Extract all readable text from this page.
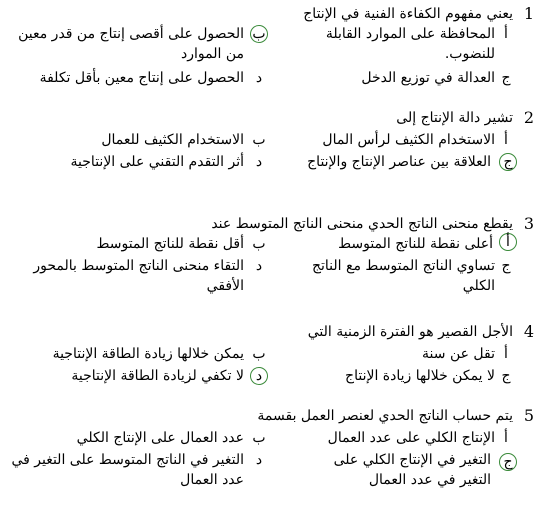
1
يعني مفهوم الكفاءة الفنية في الإنتاج
أ
المحافظة على الموارد القابلة للنضوب.
ب
الحصول على أقصى إنتاج من قدر معين من الموارد
ج
العدالة في توزيع الدخل
د
الحصول على إنتاج معين بأقل تكلفة
2
تشير دالة الإنتاج إلى
أ
الاستخدام الكثيف لرأس المال
ب
الاستخدام الكثيف للعمال
ج
العلاقة بين عناصر الإنتاج والإنتاج
د
أثر التقدم التقني على الإنتاجية
3
يقطع منحنى الناتج الحدي منحنى الناتج المتوسط عند
أ
أعلى نقطة للناتج المتوسط
ب
أقل نقطة للناتج المتوسط
ج
تساوي الناتج المتوسط مع الناتج الكلي
د
التقاء منحنى الناتج المتوسط بالمحور الأفقي
4
الأجل القصير هو الفترة الزمنية التي
أ
تقل عن سنة
ب
يمكن خلالها زيادة الطاقة الإنتاجية
ج
لا يمكن خلالها زيادة الإنتاج
د
لا تكفي لزيادة الطاقة الإنتاجية
5
يتم حساب الناتج الحدي لعنصر العمل بقسمة
أ
الإنتاج الكلي على عدد العمال
ب
عدد العمال على الإنتاج الكلي
ج
التغير في الإنتاج الكلي على التغير في عدد العمال
د
التغير في الناتج المتوسط على التغير في عدد العمال
